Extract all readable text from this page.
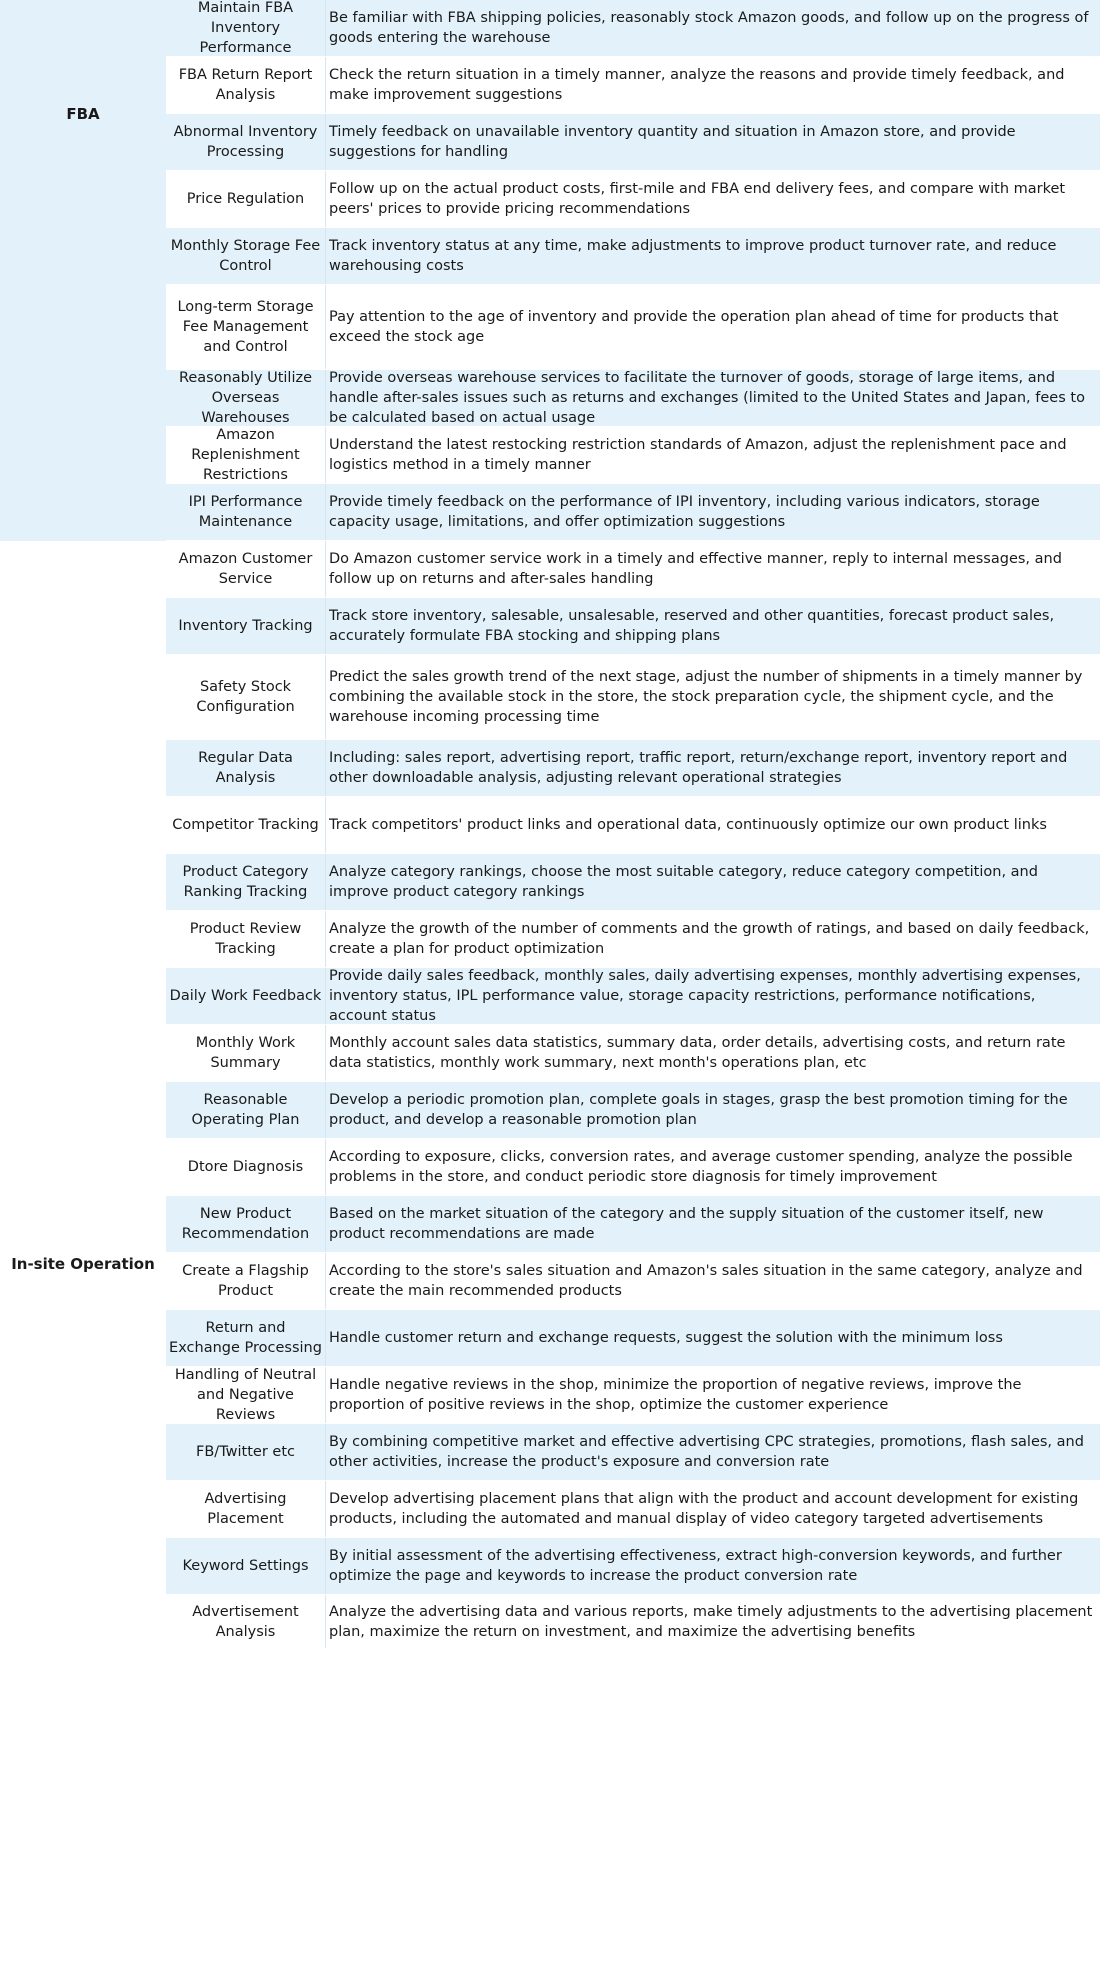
FBA
Maintain FBA Inventory Performance
Be familiar with FBA shipping policies, reasonably stock Amazon goods, and follow up on the progress of goods entering the warehouse
FBA Return Report Analysis
Check the return situation in a timely manner, analyze the reasons and provide timely feedback, and make improvement suggestions
Abnormal Inventory Processing
Timely feedback on unavailable inventory quantity and situation in Amazon store, and provide suggestions for handling
Price Regulation
Follow up on the actual product costs, first-mile and FBA end delivery fees, and compare with market peers' prices to provide pricing recommendations
Monthly Storage Fee Control
Track inventory status at any time, make adjustments to improve product turnover rate, and reduce warehousing costs
Long-term Storage Fee Management and Control
Pay attention to the age of inventory and provide the operation plan ahead of time for products that exceed the stock age
Reasonably Utilize Overseas Warehouses
Provide overseas warehouse services to facilitate the turnover of goods, storage of large items, and handle after-sales issues such as returns and exchanges (limited to the United States and Japan, fees to be calculated based on actual usage
Amazon Replenishment Restrictions
Understand the latest restocking restriction standards of Amazon, adjust the replenishment pace and logistics method in a timely manner
IPI Performance Maintenance
Provide timely feedback on the performance of IPI inventory, including various indicators, storage capacity usage, limitations, and offer optimization suggestions
In-site Operation
Amazon Customer Service
Do Amazon customer service work in a timely and effective manner, reply to internal messages, and follow up on returns and after-sales handling
Inventory Tracking
Track store inventory, salesable, unsalesable, reserved and other quantities, forecast product sales, accurately formulate FBA stocking and shipping plans
Safety Stock Configuration
Predict the sales growth trend of the next stage, adjust the number of shipments in a timely manner by combining the available stock in the store, the stock preparation cycle, the shipment cycle, and the warehouse incoming processing time
Regular Data Analysis
Including: sales report, advertising report, traffic report, return/exchange report, inventory report and other downloadable analysis, adjusting relevant operational strategies
Competitor Tracking Track competitors' product links and operational data, continuously optimize our own product links
Product Category Ranking Tracking
Analyze category rankings, choose the most suitable category, reduce category competition, and improve product category rankings
Product Review Tracking
Analyze the growth of the number of comments and the growth of ratings, and based on daily feedback, create a plan for product optimization
Daily Work Feedback
Provide daily sales feedback, monthly sales, daily advertising expenses, monthly advertising expenses, inventory status, IPL performance value, storage capacity restrictions, performance notifications, account status
Monthly Work Summary
Monthly account sales data statistics, summary data, order details, advertising costs, and return rate data statistics, monthly work summary, next month's operations plan, etc
Reasonable Operating Plan
Develop a periodic promotion plan, complete goals in stages, grasp the best promotion timing for the product, and develop a reasonable promotion plan
Dtore Diagnosis
According to exposure, clicks, conversion rates, and average customer spending, analyze the possible problems in the store, and conduct periodic store diagnosis for timely improvement
New Product Recommendation
Based on the market situation of the category and the supply situation of the customer itself, new product recommendations are made
Create a Flagship Product
According to the store's sales situation and Amazon's sales situation in the same category, analyze and create the main recommended products
Return and Exchange Processing
Handle customer return and exchange requests, suggest the solution with the minimum loss
Handling of Neutral and Negative Reviews
Handle negative reviews in the shop, minimize the proportion of negative reviews, improve the proportion of positive reviews in the shop, optimize the customer experience
FB/Twitter etc
By combining competitive market and effective advertising CPC strategies, promotions, flash sales, and other activities, increase the product's exposure and conversion rate
Advertising Placement
Develop advertising placement plans that align with the product and account development for existing products, including the automated and manual display of video category targeted advertisements
Keyword Settings
By initial assessment of the advertising effectiveness, extract high-conversion keywords, and further optimize the page and keywords to increase the product conversion rate
Advertisement Analysis
Analyze the advertising data and various reports, make timely adjustments to the advertising placement plan, maximize the return on investment, and maximize the advertising benefits
